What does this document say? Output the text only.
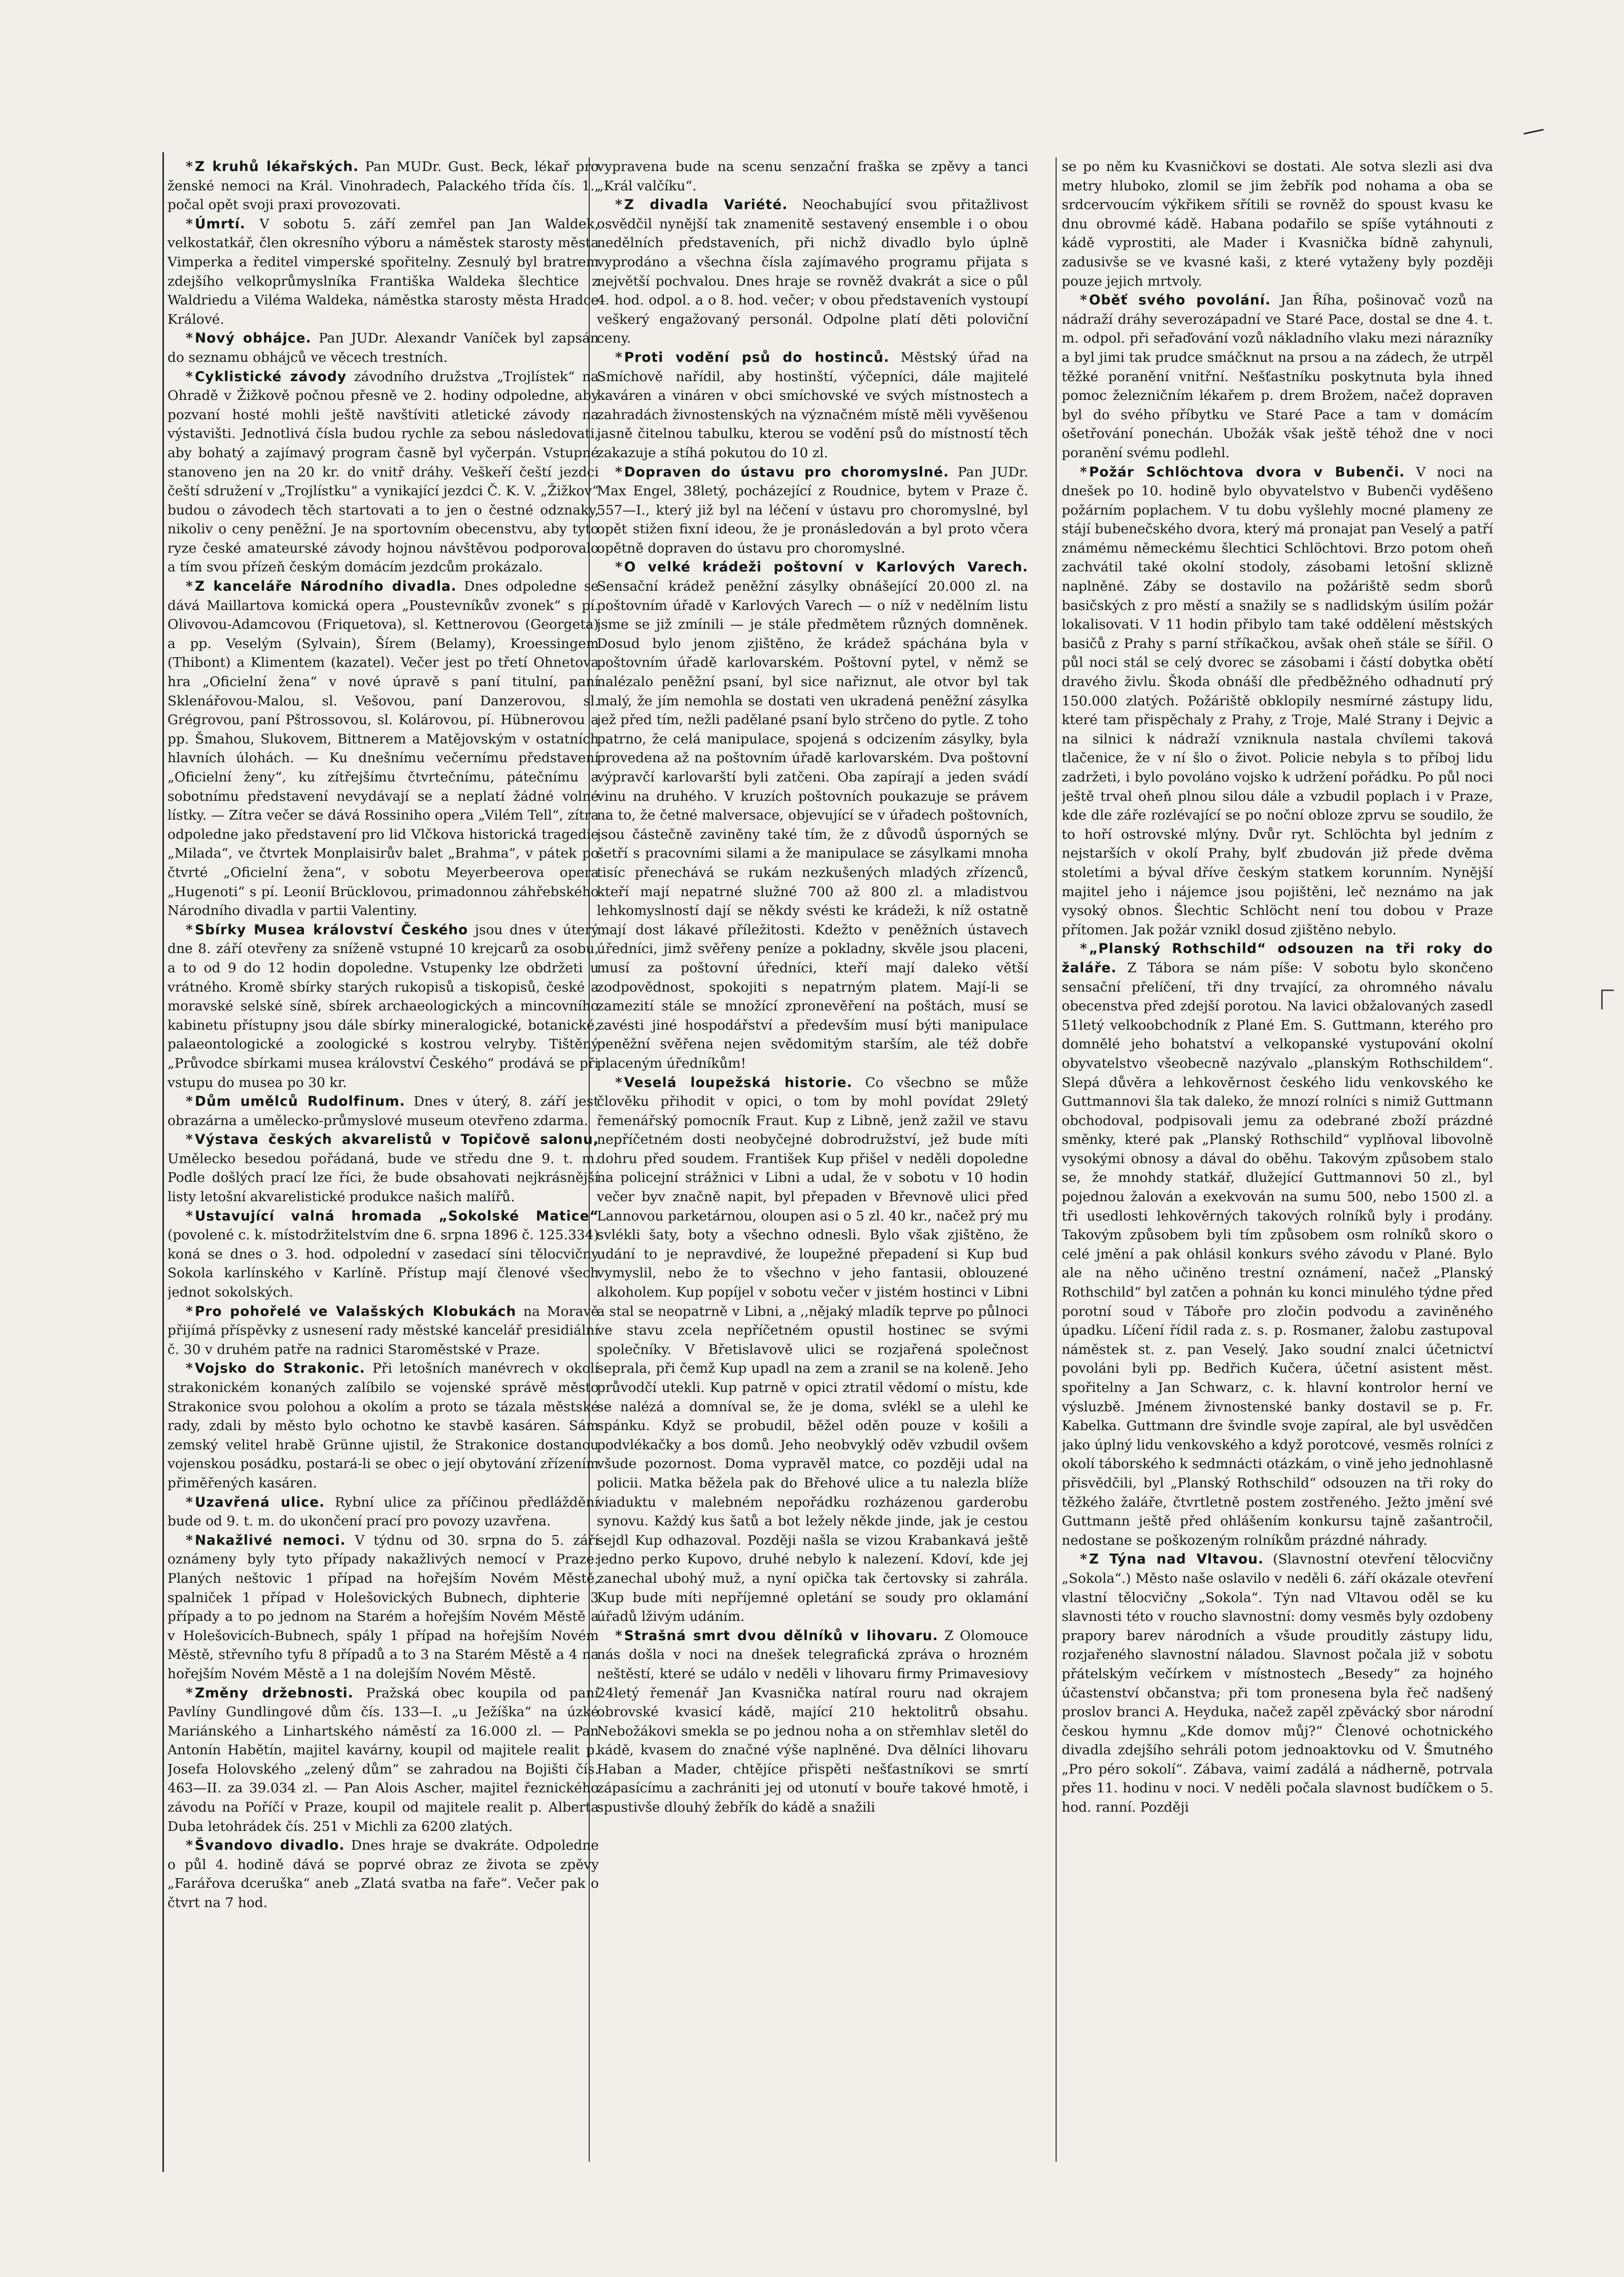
* Z kruhů lékařských. Pan MUDr. Gust. Beck, lékař pro ženské nemoci na Král. Vinohradech, Palackého třída čís. 1., počal opět svoji praxi provozovati.

* Úmrtí. V sobotu 5. září zemřel pan Jan Waldek, velkostatkář, člen okresního výboru a náměstek starosty města Vimperka a ředitel vimperské spořitelny. Zesnulý byl bratrem zdejšího velkoprůmyslníka Františka Waldeka šlechtice z Waldriedu a Viléma Waldeka, náměstka starosty města Hradce Králové.

* Nový obhájce. Pan JUDr. Alexandr Vaníček byl zapsán do seznamu obhájců ve věcech trestních.

* Cyklistické závody závodního družstva „Trojlístek“ na Ohradě v Žižkově počnou přesně ve 2. hodiny odpoledne, aby pozvaní hosté mohli ještě navštíviti atletické závody na výstavišti. Jednotlivá čísla budou rychle za sebou následovati, aby bohatý a zajímavý program časně byl vyčerpán. Vstupné stanoveno jen na 20 kr. do vnitř dráhy. Veškeří čeští jezdci čeští sdružení v „Trojlístku“ a vynikající jezdci Č. K. V. „Žižkov“ budou o závodech těch startovati a to jen o čestné odznaky, nikoliv o ceny peněžní. Je na sportovním obecenstvu, aby tyto ryze české amateurské závody hojnou návštěvou podporovalo a tím svou přízeň českým domácím jezdcům prokázalo.

* Z kanceláře Národního divadla. Dnes odpoledne se dává Maillartova komická opera „Poustevníkův zvonek“ s pí. Olivovou-Adamcovou (Friquetova), sl. Kettnerovou (Georgeta) a pp. Veselým (Sylvain), Šírem (Belamy), Kroessingem (Thibont) a Klimentem (kazatel). Večer jest po třetí Ohnetova hra „Oficielní žena“ v nové úpravě s paní titulní, paní Sklenářovou-Malou, sl. Vešovou, paní Danzerovou, sl. Grégrovou, paní Pštrossovou, sl. Kolárovou, pí. Hübnerovou a pp. Šmahou, Slukovem, Bittnerem a Matějovským v ostatních hlavních úlohách. — Ku dnešnímu večernímu představení „Oficielní ženy“, ku zítřejšímu čtvrtečnímu, pátečnímu a sobotnímu představení nevydávají se a neplatí žádné volné lístky. — Zítra večer se dává Rossiniho opera „Vilém Tell“, zítra odpoledne jako představení pro lid Vlčkova historická tragedie „Milada“, ve čtvrtek Monplaisirův balet „Brahma“, v pátek po čtvrté „Oficielní žena“, v sobotu Meyerbeerova opera „Hugenoti“ s pí. Leonií Brücklovou, primadonnou záhřebského Národního divadla v partii Valentiny.

* Sbírky Musea království Českého jsou dnes v úterý dne 8. září otevřeny za sníženě vstupné 10 krejcarů za osobu, a to od 9 do 12 hodin dopoledne. Vstupenky lze obdržeti u vrátného. Kromě sbírky starých rukopisů a tiskopisů, české a moravské selské síně, sbírek archaeologických a mincovního kabinetu přístupny jsou dále sbírky mineralogické, botanické, palaeontologické a zoologické s kostrou velryby. Tištěný „Průvodce sbírkami musea království Českého“ prodává se při vstupu do musea po 30 kr.

* Dům umělců Rudolfinum. Dnes v úterý, 8. září jest obrazárna a umělecko-průmyslové museum otevřeno zdarma.

* Výstava českých akvarelistů v Topičově salonu, Umělecko besedou pořádaná, bude ve středu dne 9. t. m. Podle došlých prací lze říci, že bude obsahovati nejkrásnější listy letošní akvarelistické produkce našich malířů.

* Ustavující valná hromada „Sokolské Matice“ (povolené c. k. místodržitelstvím dne 6. srpna 1896 č. 125.334) koná se dnes o 3. hod. odpolední v zasedací síni tělocvičny Sokola karlínského v Karlíně. Přístup mají členové všech jednot sokolských.

* Pro pohořelé ve Valašských Klobukách na Moravě přijímá příspěvky z usnesení rady městské kancelář presidiální č. 30 v druhém patře na radnici Staroměstské v Praze.

* Vojsko do Strakonic. Při letošních manévrech v okolí strakonickém konaných zalíbilo se vojenské správě město Strakonice svou polohou a okolím a proto se tázala městské rady, zdali by město bylo ochotno ke stavbě kasáren. Sám zemský velitel hrabě Grünne ujistil, že Strakonice dostanou vojenskou posádku, postará-li se obec o její obytování zřízením přiměřených kasáren.

* Uzavřená ulice. Rybní ulice za příčinou předláždění bude od 9. t. m. do ukončení prací pro povozy uzavřena.

* Nakažlivé nemoci. V týdnu od 30. srpna do 5. září oznámeny byly tyto případy nakažlivých nemocí v Praze: Planých neštovic 1 případ na hořejším Novém Městě, spalniček 1 případ v Holešovických Bubnech, diphterie 3 případy a to po jednom na Starém a hořejším Novém Městě a v Holešovicích-Bubnech, spály 1 případ na hořejším Novém Městě, střevního tyfu 8 případů a to 3 na Starém Městě a 4 na hořejším Novém Městě a 1 na dolejším Novém Městě.

* Změny držebnosti. Pražská obec koupila od paní Pavlíny Gundlingové dům čís. 133—I. „u Ježíška“ na úzké Mariánského a Linhartského náměstí za 16.000 zl. — Pan Antonín Habětín, majitel kavárny, koupil od majitele realit p. Josefa Holovského „zelený dům“ se zahradou na Bojišti čís. 463—II. za 39.034 zl. — Pan Alois Ascher, majitel řeznického závodu na Poříčí v Praze, koupil od majitele realit p. Alberta Duba letohrádek čís. 251 v Michli za 6200 zlatých.

* Švandovo divadlo. Dnes hraje se dvakráte. Odpoledne o půl 4. hodině dává se poprvé obraz ze života se zpěvy „Farářova dceruška“ aneb „Zlatá svatba na faře“. Večer pak o čtvrt na 7 hod.

vypravena bude na scenu senzační fraška se zpěvy a tanci „Král valčíku“.

* Z divadla Variété. Neochabující svou přitažlivost osvědčil nynější tak znamenitě sestavený ensemble i o obou nedělních představeních, při nichž divadlo bylo úplně vyprodáno a všechna čísla zajímavého programu přijata s největší pochvalou. Dnes hraje se rovněž dvakrát a sice o půl 4. hod. odpol. a o 8. hod. večer; v obou představeních vystoupí veškerý engažovaný personál. Odpolne platí děti poloviční ceny.

* Proti vodění psů do hostinců. Městský úřad na Smíchově nařídil, aby hostinští, výčepníci, dále majitelé kaváren a vináren v obci smíchovské ve svých místnostech a zahradách živnostenských na význačném místě měli vyvěšenou jasně čitelnou tabulku, kterou se vodění psů do místností těch zakazuje a stíhá pokutou do 10 zl.

* Dopraven do ústavu pro choromyslné. Pan JUDr. Max Engel, 38letý, pocházející z Roudnice, bytem v Praze č. 557—I., který již byl na léčení v ústavu pro choromyslné, byl opět stižen fixní ideou, že je pronásledován a byl proto včera opětně dopraven do ústavu pro choromyslné.

* O velké krádeži poštovní v Karlových Varech. Sensační krádež peněžní zásylky obnášející 20.000 zl. na poštovním úřadě v Karlových Varech — o níž v nedělním listu jsme se již zmínili — je stále předmětem různých domněnek. Dosud bylo jenom zjištěno, že krádež spáchána byla v poštovním úřadě karlovarském. Poštovní pytel, v němž se nalézalo peněžní psaní, byl sice nařiznut, ale otvor byl tak malý, že jím nemohla se dostati ven ukradená peněžní zásylka jež před tím, nežli padělané psaní bylo strčeno do pytle. Z toho patrno, že celá manipulace, spojená s odcizením zásylky, byla provedena až na poštovním úřadě karlovarském. Dva poštovní výpravčí karlovarští byli zatčeni. Oba zapírají a jeden svádí vinu na druhého. V kruzích poštovních poukazuje se právem na to, že četné malversace, objevující se v úřadech poštovních, jsou částečně zaviněny také tím, že z důvodů úsporných se šetří s pracovními silami a že manipulace se zásylkami mnoha tisíc přenechává se rukám nezkušených mladých zřízenců, kteří mají nepatrné služné 700 až 800 zl. a mladistvou lehkomyslností dají se někdy svésti ke krádeži, k níž ostatně mají dost lákavé příležitosti. Kdežto v peněžních ústavech úředníci, jimž svěřeny peníze a pokladny, skvěle jsou placeni, musí za poštovní úředníci, kteří mají daleko větší zodpovědnost, spokojiti s nepatrným platem. Mají-li se zamezití stále se množící zpronevěření na poštách, musí se zavésti jiné hospodářství a především musí býti manipulace peněžní svěřena nejen svědomitým starším, ale též dobře placeným úředníkům!

* Veselá loupežská historie. Co všecbno se může člověku přihodit v opici, o tom by mohl povídat 29letý řemenářský pomocník Fraut. Kup z Libně, jenž zažil ve stavu nepříčetném dosti neobyčejné dobrodružství, jež bude míti dohru před soudem. František Kup přišel v neděli dopoledne na policejní strážnici v Libni a udal, že v sobotu v 10 hodin večer byv značně napit, byl přepaden v Břevnově ulici před Lannovou parketárnou, oloupen asi o 5 zl. 40 kr., načež prý mu svlékli šaty, boty a všechno odnesli. Bylo však zjištěno, že udání to je nepravdivé, že loupežné přepadení si Kup bud vymyslil, nebo že to všechno v jeho fantasii, oblouzené alkoholem. Kup popíjel v sobotu večer v jistém hostinci v Libni a stal se neopatrně v Libni, a ,,nějaký mladík teprve po půlnoci ve stavu zcela nepříčetném opustil hostinec se svými společníky. V Břetislavově ulici se rozjařená společnost seprala, při čemž Kup upadl na zem a zranil se na koleně. Jeho průvodčí utekli. Kup patrně v opici ztratil vědomí o místu, kde se nalézá a domníval se, že je doma, svlékl se a ulehl ke spánku. Když se probudil, běžel oděn pouze v košili a podvlékačky a bos domů. Jeho neobvyklý oděv vzbudil ovšem všude pozornost. Doma vypravěl matce, co později udal na policii. Matka běžela pak do Břehové ulice a tu nalezla blíže viaduktu v malebném nepořádku rozházenou garderobu synovu. Každý kus šatů a bot ležely někde jinde, jak je cestou sejdl Kup odhazoval. Později našla se vizou Krabankavá ještě jedno perko Kupovo, druhé nebylo k nalezení. Kdoví, kde jej zanechal ubohý muž, a nyní opička tak čertovsky si zahrála. Kup bude míti nepříjemné opletání se soudy pro oklamání úřadů lživým udáním.

* Strašná smrt dvou dělníků v lihovaru. Z Olomouce nás došla v noci na dnešek telegrafická zpráva o hrozném neštěstí, které se událo v neděli v lihovaru firmy Primavesiovy 24letý řemenář Jan Kvasnička natíral rouru nad okrajem obrovské kvasicí kádě, mající 210 hektolitrů obsahu. Nebožákovi smekla se po jednou noha a on střemhlav sletěl do kádě, kvasem do značné výše naplněné. Dva dělníci lihovaru Haban a Mader, chtějíce přispěti nešťastníkovi se smrtí zápasícímu a zachrániti jej od utonutí v bouře takové hmotě, i spustivše dlouhý žebřík do kádě a snažili

se po něm ku Kvasničkovi se dostati. Ale sotva slezli asi dva metry hluboko, zlomil se jim žebřík pod nohama a oba se srdcervoucím výkřikem sřítili se rovněž do spoust kvasu ke dnu obrovmé kádě. Habana podařilo se spíše vytáhnouti z kádě vyprostiti, ale Mader i Kvasnička bídně zahynuli, zadusivše se ve kvasné kaši, z které vytaženy byly později pouze jejich mrtvoly.

* Oběť svého povolání. Jan Říha, pošinovač vozů na nádraží dráhy severozápadní ve Staré Pace, dostal se dne 4. t. m. odpol. při seřaďování vozů nákladního vlaku mezi nárazníky a byl jimi tak prudce smáčknut na prsou a na zádech, že utrpěl těžké poranění vnitřní. Nešťastníku poskytnuta byla ihned pomoc železničním lékařem p. drem Brožem, načež dopraven byl do svého příbytku ve Staré Pace a tam v domácím ošetřování ponechán. Ubožák však ještě téhož dne v noci poranění svému podlehl.

* Požár Schlöchtova dvora v Bubenči. V noci na dnešek po 10. hodině bylo obyvatelstvo v Bubenči vyděšeno požárním poplachem. V tu dobu vyšlehly mocné plameny ze stájí bubenečského dvora, který má pronajat pan Veselý a patří známému německému šlechtici Schlöchtovi. Brzo potom oheň zachvátil také okolní stodoly, zásobami letošní sklizně naplněné. Záby se dostavilo na požáriště sedm sborů basičských z pro městí a snažily se s nadlidským úsilím požár lokalisovati. V 11 hodin přibylo tam také oddělení městských basičů z Prahy s parní stříkačkou, avšak oheň stále se šířil. O půl noci stál se celý dvorec se zásobami i částí dobytka obětí dravého živlu. Škoda obnáší dle předběžného odhadnutí prý 150.000 zlatých. Požáriště obklopily nesmírné zástupy lidu, které tam přispěchaly z Prahy, z Troje, Malé Strany i Dejvic a na silnici k nádraží vzniknula nastala chvílemi taková tlačenice, že v ní šlo o život. Policie nebyla s to příboj lidu zadržeti, i bylo povoláno vojsko k udržení pořádku. Po půl noci ještě trval oheň plnou silou dále a vzbudil poplach i v Praze, kde dle záře rozlévající se po noční obloze zprvu se soudilo, že to hoří ostrovské mlýny. Dvůr ryt. Schlöchta byl jedním z nejstarších v okolí Prahy, bylť zbudován již přede dvěma stoletími a býval dříve českým statkem korunním. Nynější majitel jeho i nájemce jsou pojištěni, leč neznámo na jak vysoký obnos. Šlechtic Schlöcht není tou dobou v Praze přítomen. Jak požár vznikl dosud zjištěno nebylo.

* „Planský Rothschild“ odsouzen na tři roky do žaláře. Z Tábora se nám píše: V sobotu bylo skončeno sensační přelíčení, tři dny trvající, za ohromného návalu obecenstva před zdejší porotou. Na lavici obžalovaných zasedl 51letý velkoobchodník z Plané Em. S. Guttmann, kterého pro domnělé jeho bohatství a velkopanské vystupování okolní obyvatelstvo všeobecně nazývalo „planským Rothschildem“. Slepá důvěra a lehkověrnost českého lidu venkovského ke Guttmannovi šla tak daleko, že mnozí rolníci s nimiž Guttmann obchodoval, podpisovali jemu za odebrané zboží prázdné směnky, které pak „Planský Rothschild“ vyplňoval libovolně vysokými obnosy a dával do oběhu. Takovým způsobem stalo se, že mnohdy statkář, dlužející Guttmannovi 50 zl., byl pojednou žalován a exekvován na sumu 500, nebo 1500 zl. a tři usedlosti lehkověrných takových rolníků byly i prodány. Takovým způsobem byli tím způsobem osm rolníků skoro o celé jmění a pak ohlásil konkurs svého závodu v Plané. Bylo ale na něho učiněno trestní oznámení, načež „Planský Rothschild“ byl zatčen a pohnán ku konci minulého týdne před porotní soud v Táboře pro zločin podvodu a zaviněného úpadku. Líčení řídil rada z. s. p. Rosmaner, žalobu zastupoval náměstek st. z. pan Veselý. Jako soudní znalci účetnictví povoláni byli pp. Bedřich Kučera, účetní asistent měst. spořitelny a Jan Schwarz, c. k. hlavní kontrolor herní ve výsluzbě. Jménem živnostenské banky dostavil se p. Fr. Kabelka. Guttmann dre švindle svoje zapíral, ale byl usvědčen jako úplný lidu venkovského a když porotcové, vesměs rolníci z okolí táborského k sedmnácti otázkám, o vině jeho jednohlasně přisvědčili, byl „Planský Rothschild“ odsouzen na tři roky do těžkého žaláře, čtvrtletně postem zostřeného. Ježto jmění své Guttmann ještě před ohlášením konkursu tajně zašantročil, nedostane se poškozeným rolníkům prázdné náhrady.

* Z Týna nad Vltavou. (Slavnostní otevření tělocvičny „Sokola“.) Město naše oslavilo v neděli 6. září okázale otevření vlastní tělocvičny „Sokola“. Týn nad Vltavou oděl se ku slavnosti této v roucho slavnostní: domy vesměs byly ozdobeny prapory barev národních a všude prouditly zástupy lidu, rozjařeného slavnostní náladou. Slavnost počala již v sobotu přátelským večírkem v místnostech „Besedy“ za hojného účastenství občanstva; při tom pronesena byla řeč nadšený proslov branci A. Heyduka, načež zapěl zpěvácký sbor národní českou hymnu „Kde domov můj?“ Členové ochotnického divadla zdejšího sehráli potom jednoaktovku od V. Šmutného „Pro péro sokolí“. Zábava, vaimí zadálá a nádherně, potrvala přes 11. hodinu v noci. V neděli počala slavnost budíčkem o 5. hod. ranní. Později
